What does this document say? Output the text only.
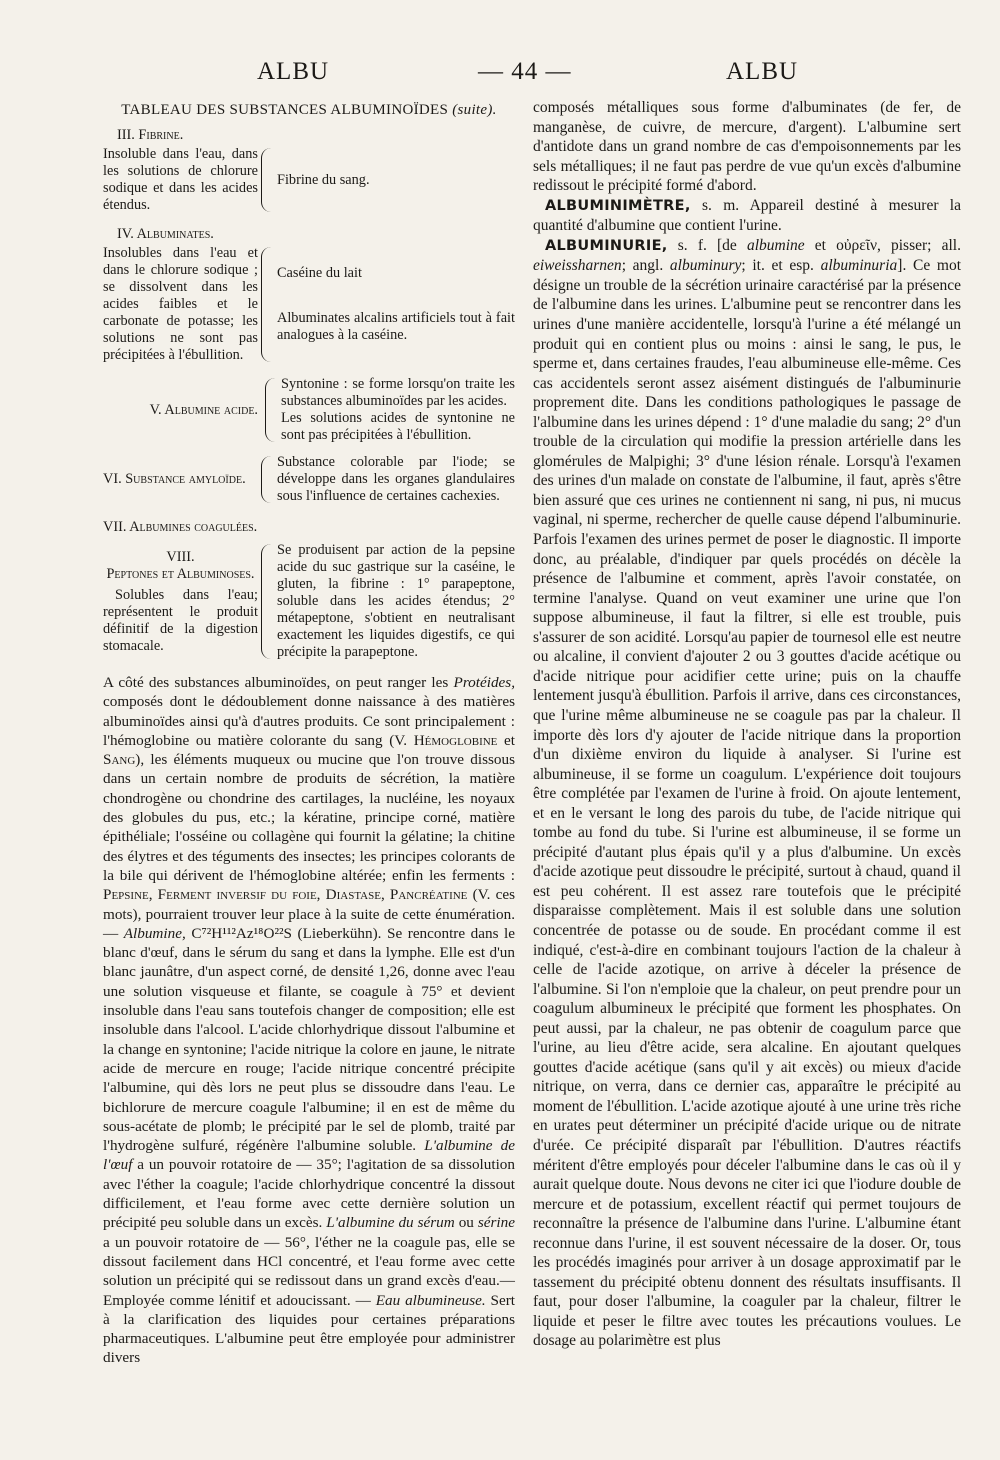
ALBU	— 44 —	ALBU

TABLEAU DES SUBSTANCES ALBUMINOÏDES (suite).

III. Fibrine.
Insoluble dans l'eau, dans les solutions de chlorure sodique et dans les acides étendus.
Fibrine du sang.
IV. Albuminates.
Insolubles dans l'eau et dans le chlorure sodique ; se dissolvent dans les acides faibles et le carbonate de potasse; les solutions ne sont pas précipitées à l'ébullition.
Caséine du lait
Albuminates alcalins artificiels tout à fait analogues à la caséine.
V. Albumine acide.
Syntonine : se forme lorsqu'on traite les substances albuminoïdes par les acides.
Les solutions acides de syntonine ne sont pas précipitées à l'ébullition.
VI. Substance amyloïde.
Substance colorable par l'iode; se développe dans les organes glandulaires sous l'influence de certaines cachexies.
VII. Albumines coagulées.
VIII.
Peptones et Albuminoses.
Solubles dans l'eau; représentent le produit définitif de la digestion stomacale.
Se produisent par action de la pepsine acide du suc gastrique sur la caséine, le gluten, la fibrine : 1° parapeptone, soluble dans les acides étendus; 2° métapeptone, s'obtient en neutralisant exactement les liquides digestifs, ce qui précipite la parapeptone.

A côté des substances albuminoïdes, on peut ranger les Protéides, composés dont le dédoublement donne naissance à des matières albuminoïdes ainsi qu'à d'autres produits. Ce sont principalement : l'hémoglobine ou matière colorante du sang (V. Hémoglobine et Sang), les éléments muqueux ou mucine que l'on trouve dissous dans un certain nombre de produits de sécrétion, la matière chondrogène ou chondrine des cartilages, la nucléine, les noyaux des globules du pus, etc.; la kératine, principe corné, matière épithéliale; l'osséine ou collagène qui fournit la gélatine; la chitine des élytres et des téguments des insectes; les principes colorants de la bile qui dérivent de l'hémoglobine altérée; enfin les ferments : Pepsine, Ferment inversif du foie, Diastase, Pancréatine (V. ces mots), pourraient trouver leur place à la suite de cette énumération. — Albumine, C⁷²H¹¹²Az¹⁸O²²S (Lieberkühn). Se rencontre dans le blanc d'œuf, dans le sérum du sang et dans la lymphe. Elle est d'un blanc jaunâtre, d'un aspect corné, de densité 1,26, donne avec l'eau une solution visqueuse et filante, se coagule à 75° et devient insoluble dans l'eau sans toutefois changer de composition; elle est insoluble dans l'alcool. L'acide chlorhydrique dissout l'albumine et la change en syntonine; l'acide nitrique la colore en jaune, le nitrate acide de mercure en rouge; l'acide nitrique concentré précipite l'albumine, qui dès lors ne peut plus se dissoudre dans l'eau. Le bichlorure de mercure coagule l'albumine; il en est de même du sous-acétate de plomb; le précipité par le sel de plomb, traité par l'hydrogène sulfuré, régénère l'albumine soluble. L'albumine de l'œuf a un pouvoir rotatoire de — 35°; l'agitation de sa dissolution avec l'éther la coagule; l'acide chlorhydrique concentré la dissout difficilement, et l'eau forme avec cette dernière solution un précipité peu soluble dans un excès. L'albumine du sérum ou sérine a un pouvoir rotatoire de — 56°, l'éther ne la coagule pas, elle se dissout facilement dans HCl concentré, et l'eau forme avec cette solution un précipité qui se redissout dans un grand excès d'eau.— Employée comme lénitif et adoucissant. — Eau albumineuse. Sert à la clarification des liquides pour certaines préparations pharmaceutiques. L'albumine peut être employée pour administrer divers

composés métalliques sous forme d'albuminates (de fer, de manganèse, de cuivre, de mercure, d'argent). L'albumine sert d'antidote dans un grand nombre de cas d'empoisonnements par les sels métalliques; il ne faut pas perdre de vue qu'un excès d'albumine redissout le précipité formé d'abord.

ALBUMINIMÈTRE, s. m. Appareil destiné à mesurer la quantité d'albumine que contient l'urine.

ALBUMINURIE, s. f. [de albumine et οὐρεῖν, pisser; all. eiweissharnen; angl. albuminury; it. et esp. albuminuria]. Ce mot désigne un trouble de la sécrétion urinaire caractérisé par la présence de l'albumine dans les urines. L'albumine peut se rencontrer dans les urines d'une manière accidentelle, lorsqu'à l'urine a été mélangé un produit qui en contient plus ou moins : ainsi le sang, le pus, le sperme et, dans certaines fraudes, l'eau albumineuse elle-même. Ces cas accidentels seront assez aisément distingués de l'albuminurie proprement dite. Dans les conditions pathologiques le passage de l'albumine dans les urines dépend : 1° d'une maladie du sang; 2° d'un trouble de la circulation qui modifie la pression artérielle dans les glomérules de Malpighi; 3° d'une lésion rénale. Lorsqu'à l'examen des urines d'un malade on constate de l'albumine, il faut, après s'être bien assuré que ces urines ne contiennent ni sang, ni pus, ni mucus vaginal, ni sperme, rechercher de quelle cause dépend l'albuminurie. Parfois l'examen des urines permet de poser le diagnostic. Il importe donc, au préalable, d'indiquer par quels procédés on décèle la présence de l'albumine et comment, après l'avoir constatée, on termine l'analyse. Quand on veut examiner une urine que l'on suppose albumineuse, il faut la filtrer, si elle est trouble, puis s'assurer de son acidité. Lorsqu'au papier de tournesol elle est neutre ou alcaline, il convient d'ajouter 2 ou 3 gouttes d'acide acétique ou d'acide nitrique pour acidifier cette urine; puis on la chauffe lentement jusqu'à ébullition. Parfois il arrive, dans ces circonstances, que l'urine même albumineuse ne se coagule pas par la chaleur. Il importe dès lors d'y ajouter de l'acide nitrique dans la proportion d'un dixième environ du liquide à analyser. Si l'urine est albumineuse, il se forme un coagulum. L'expérience doit toujours être complétée par l'examen de l'urine à froid. On ajoute lentement, et en le versant le long des parois du tube, de l'acide nitrique qui tombe au fond du tube. Si l'urine est albumineuse, il se forme un précipité d'autant plus épais qu'il y a plus d'albumine. Un excès d'acide azotique peut dissoudre le précipité, surtout à chaud, quand il est peu cohérent. Il est assez rare toutefois que le précipité disparaisse complètement. Mais il est soluble dans une solution concentrée de potasse ou de soude. En procédant comme il est indiqué, c'est-à-dire en combinant toujours l'action de la chaleur à celle de l'acide azotique, on arrive à déceler la présence de l'albumine. Si l'on n'emploie que la chaleur, on peut prendre pour un coagulum albumineux le précipité que forment les phosphates. On peut aussi, par la chaleur, ne pas obtenir de coagulum parce que l'urine, au lieu d'être acide, sera alcaline. En ajoutant quelques gouttes d'acide acétique (sans qu'il y ait excès) ou mieux d'acide nitrique, on verra, dans ce dernier cas, apparaître le précipité au moment de l'ébullition. L'acide azotique ajouté à une urine très riche en urates peut déterminer un précipité d'acide urique ou de nitrate d'urée. Ce précipité disparaît par l'ébullition. D'autres réactifs méritent d'être employés pour déceler l'albumine dans le cas où il y aurait quelque doute. Nous devons ne citer ici que l'iodure double de mercure et de potassium, excellent réactif qui permet toujours de reconnaître la présence de l'albumine dans l'urine. L'albumine étant reconnue dans l'urine, il est souvent nécessaire de la doser. Or, tous les procédés imaginés pour arriver à un dosage approximatif par le tassement du précipité obtenu donnent des résultats insuffisants. Il faut, pour doser l'albumine, la coaguler par la chaleur, filtrer le liquide et peser le filtre avec toutes les précautions voulues. Le dosage au polarimètre est plus
